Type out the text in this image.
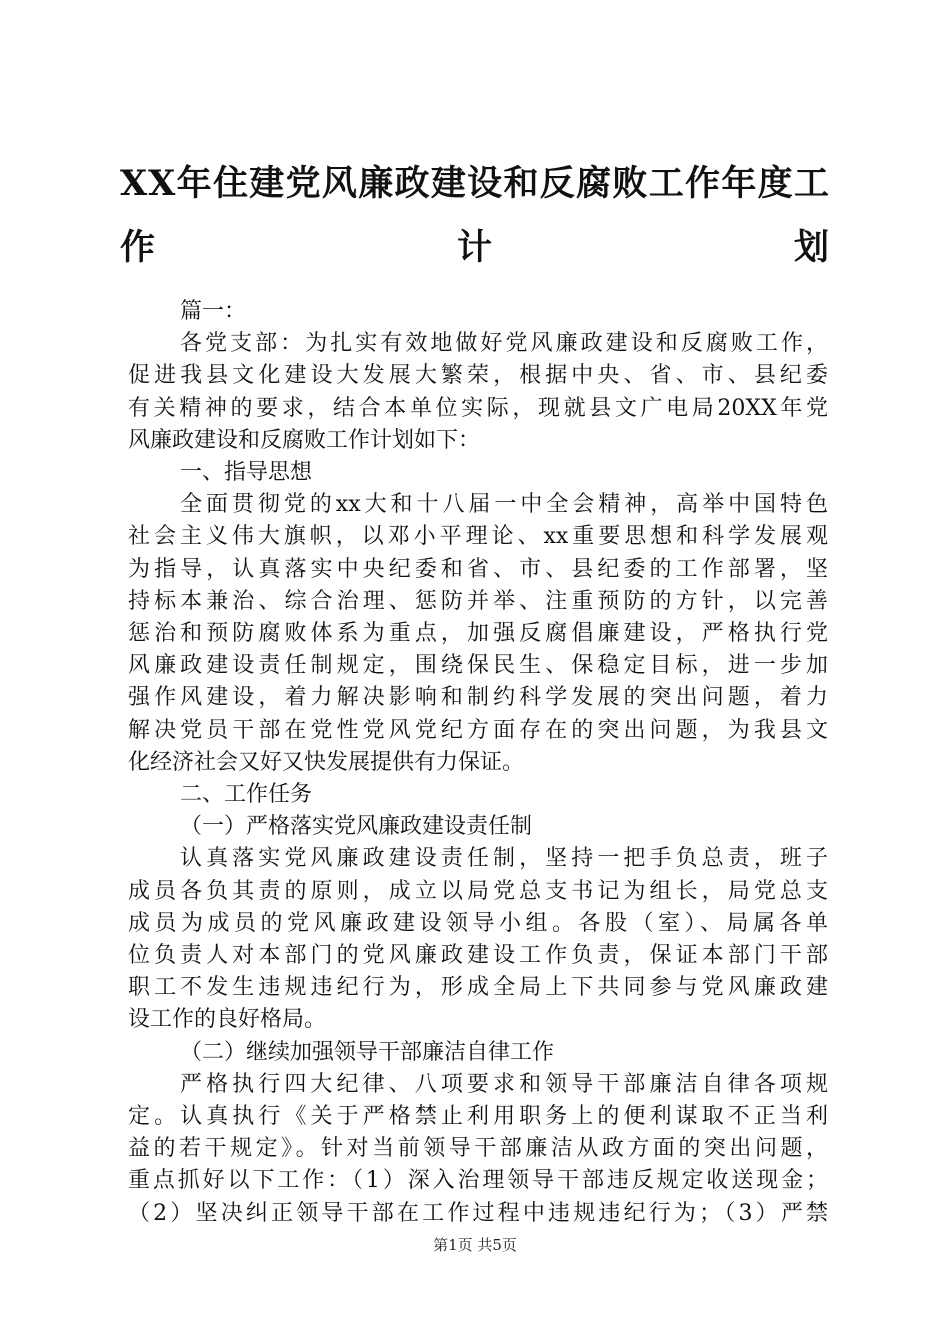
XX年住建党风廉政建设和反腐败工作年度工
作计划
篇一：
各党支部：为扎实有效地做好党风廉政建设和反腐败工作，
促进我县文化建设大发展大繁荣，根据中央、省、市、县纪委
有关精神的要求，结合本单位实际，现就县文广电局20XX年党
风廉政建设和反腐败工作计划如下：
一、指导思想
全面贯彻党的xx大和十八届一中全会精神，高举中国特色
社会主义伟大旗帜，以邓小平理论、xx重要思想和科学发展观
为指导，认真落实中央纪委和省、市、县纪委的工作部署，坚
持标本兼治、综合治理、惩防并举、注重预防的方针，以完善
惩治和预防腐败体系为重点，加强反腐倡廉建设，严格执行党
风廉政建设责任制规定，围绕保民生、保稳定目标，进一步加
强作风建设，着力解决影响和制约科学发展的突出问题，着力
解决党员干部在党性党风党纪方面存在的突出问题，为我县文
化经济社会又好又快发展提供有力保证。
二、工作任务
（一）严格落实党风廉政建设责任制
认真落实党风廉政建设责任制，坚持一把手负总责，班子
成员各负其责的原则，成立以局党总支书记为组长，局党总支
成员为成员的党风廉政建设领导小组。各股（室）、局属各单
位负责人对本部门的党风廉政建设工作负责，保证本部门干部
职工不发生违规违纪行为，形成全局上下共同参与党风廉政建
设工作的良好格局。
（二）继续加强领导干部廉洁自律工作
严格执行四大纪律、八项要求和领导干部廉洁自律各项规
定。认真执行《关于严格禁止利用职务上的便利谋取不正当利
益的若干规定》。针对当前领导干部廉洁从政方面的突出问题，
重点抓好以下工作：（1）深入治理领导干部违反规定收送现金；
（2）坚决纠正领导干部在工作过程中违规违纪行为；（3）严禁
第1页 共5页
